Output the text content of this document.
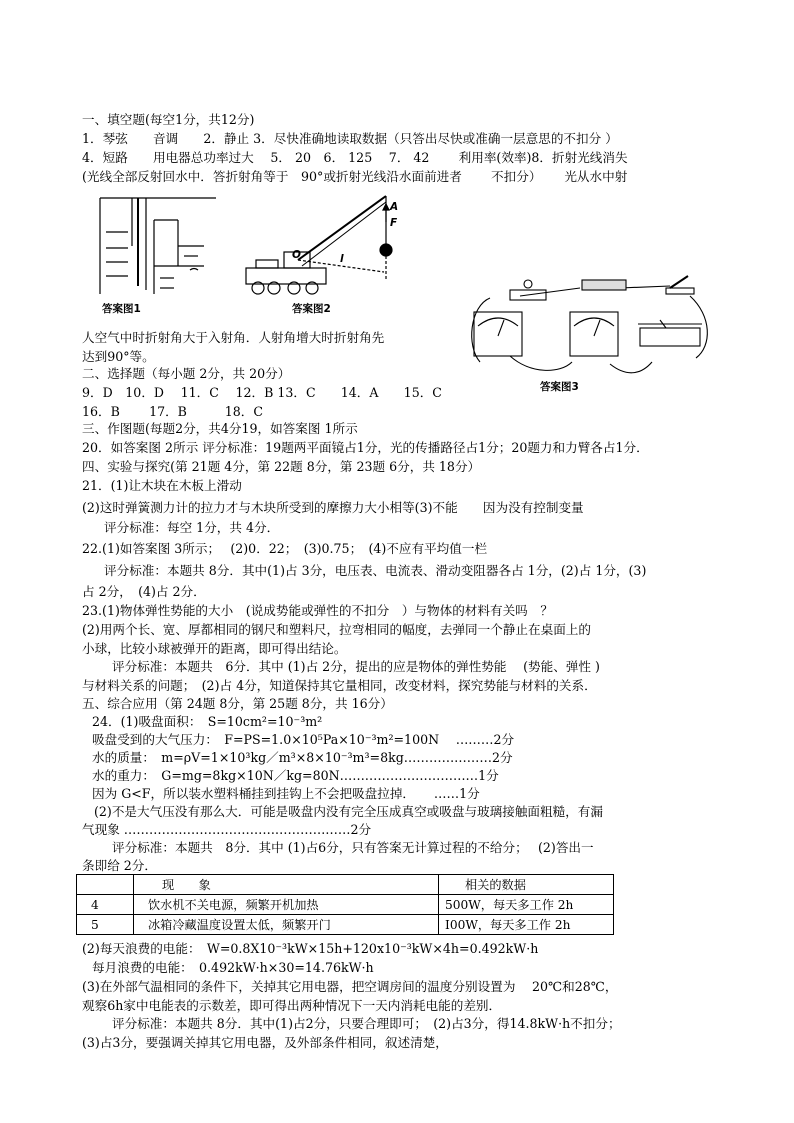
一、填空题(每空1分，共12分)
1．琴弦　　音调　　2．静止 3．尽快准确地读取数据（只答出尽快或准确一层意思的不扣分 ）
4．短路　　用电器总功率过大　 5． 20　6． 125　 7． 42　　 利用率(效率)8．折射光线消失
(光线全部反射回水中．答折射角等于　90°或折射光线沿水面前进者　　 不扣分）　　 光从水中射
人空气中时折射角大于入射角．人射角增大时折射角先
达到90°等。
二、选择题（每小题 2分，共 20分）
9．D　10．D　 11．C　 12．B 13．C　　14．A　　15．C
16．B　　 17．B　　　18．C
三、作图题(每题2分，共4分19，如答案图 1所示
20．如答案图 2所示 评分标准：19题两平面镜占1分，光的传播路径占1分；20题力和力臂各占1分．
四、实验与探究(第 21题 4分，第 22题 8分，第 23题 6分，共 18分）
21．(1)让木块在木板上滑动
(2)这时弹簧测力计的拉力才与木块所受到的摩擦力大小相等(3)不能　　因为没有控制变量
评分标准：每空 1分，共 4分．
22.(1)如答案图 3所示；　 (2)0．22；　(3)0.75；　(4)不应有平均值一栏
评分标准：本题共 8分．其中(1)占 3分，电压表、电流表、滑动变阻器各占 1分，(2)占 1分，(3)
占 2分，　(4)占 2分．
23.(1)物体弹性势能的大小　(说成势能或弹性的不扣分　）与物体的材料有关吗　？
(2)用两个长、宽、厚都相同的钢尺和塑料尺，拉弯相同的幅度，去弹同一个静止在桌面上的
小球，比较小球被弹开的距离，即可得出结论。
评分标准：本题共　6分．其中 (1)占 2分，提出的应是物体的弹性势能　 (势能、弹性 )
与材料关系的问题；　(2)占 4分，知道保持其它量相同，改变材料，探究势能与材料的关系．
五、综合应用（第 24题 8分，第 25题 8分，共 16分）
24．(1)吸盘面积：　S=10cm²=10⁻³m²
吸盘受到的大气压力：　F=PS=1.0×10⁵Pa×10⁻³m²=100N　 ………2分
水的质量：　m=ρV=1×10³kg／m³×8×10⁻³m³=8kg…………………2分
水的重力：　G=mg=8kg×10N／kg=80N……………………………1分
因为 G<F，所以装水塑料桶挂到挂钩上不会把吸盘拉掉．　　……1分
(2)不是大气压没有那么大．可能是吸盘内没有完全压成真空或吸盘与玻璃接触面粗糙，有漏
气现象 ………………………………………………2分
评分标准：本题共　8分．其中 (1)占6分，只有答案无计算过程的不给分；　 (2)答出一
条即给 2分．
	现　　象	相关的数据
4	饮水机不关电源，频繁开机加热	500W，每天多工作 2h
5	冰箱冷藏温度设置太低，频繁开门	I00W，每天多工作 2h
(2)每天浪费的电能：　W=0.8X10⁻³kW×15h+120x10⁻³kW×4h=0.492kW·h
每月浪费的电能：　0.492kW·h×30=14.76kW·h
(3)在外部气温相同的条件下，关掉其它用电器，把空调房间的温度分别设置为　 20℃和28℃，
观察6h家中电能表的示数差，即可得出两种情况下一天内消耗电能的差别．
评分标准：本题共 8分．其中(1)占2分，只要合理即可；　(2)占3分，得14.8kW·h不扣分；
(3)占3分，要强调关掉其它用电器，及外部条件相同，叙述清楚，
答案图1
A
F
O	l
答案图2
答案图3
